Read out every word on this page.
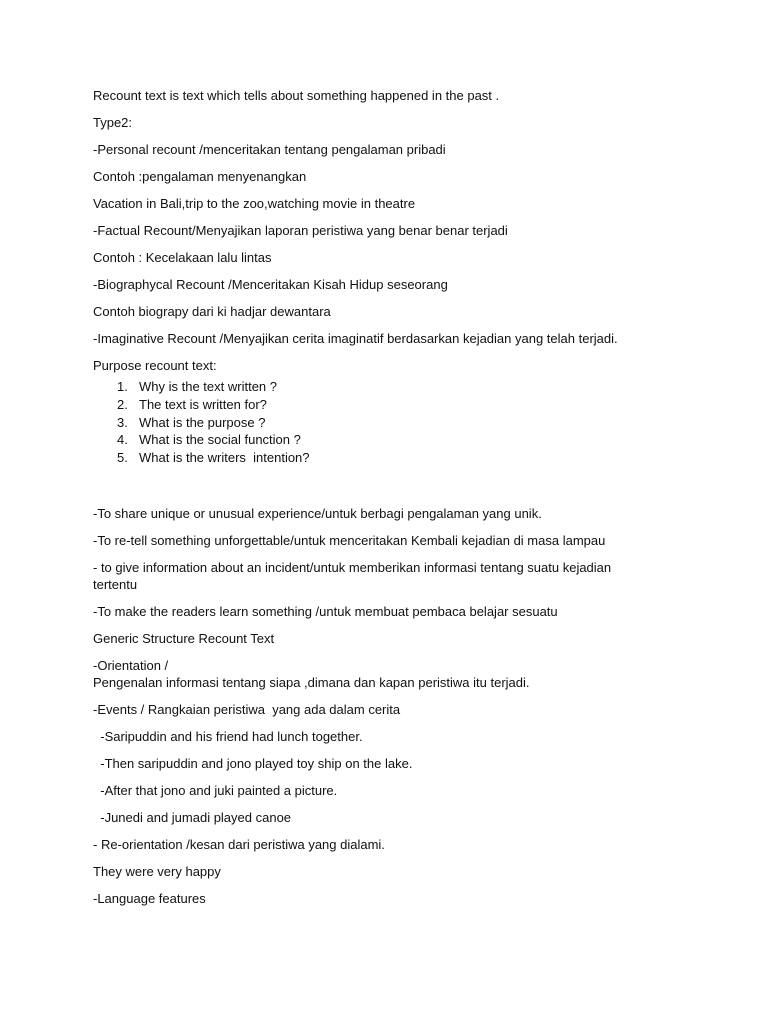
Recount text is text which tells about something happened in the past .

Type2:

-Personal recount /menceritakan tentang pengalaman pribadi

Contoh :pengalaman menyenangkan

Vacation in Bali,trip to the zoo,watching movie in theatre

-Factual Recount/Menyajikan laporan peristiwa yang benar benar terjadi

Contoh : Kecelakaan lalu lintas

-Biographycal Recount /Menceritakan Kisah Hidup seseorang

Contoh biograpy dari ki hadjar dewantara

-Imaginative Recount /Menyajikan cerita imaginatif berdasarkan kejadian yang telah terjadi.

Purpose recount text:

1. Why is the text written ?
2. The text is written for?
3. What is the purpose ?
4. What is the social function ?
5. What is the writers  intention?

-To share unique or unusual experience/untuk berbagi pengalaman yang unik.

-To re-tell something unforgettable/untuk menceritakan Kembali kejadian di masa lampau

- to give information about an incident/untuk memberikan informasi tentang suatu kejadian tertentu

-To make the readers learn something /untuk membuat pembaca belajar sesuatu

Generic Structure Recount Text

-Orientation /

Pengenalan informasi tentang siapa ,dimana dan kapan peristiwa itu terjadi.

-Events / Rangkaian peristiwa  yang ada dalam cerita

-Saripuddin and his friend had lunch together.

-Then saripuddin and jono played toy ship on the lake.

-After that jono and juki painted a picture.

-Junedi and jumadi played canoe

- Re-orientation /kesan dari peristiwa yang dialami.

They were very happy

-Language features
